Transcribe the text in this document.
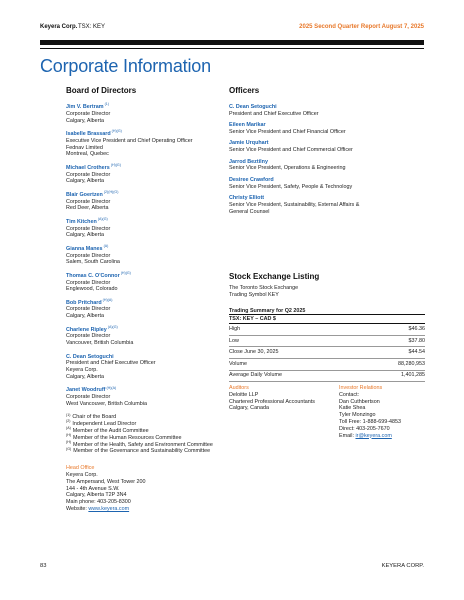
Keyera Corp. TSX: KEY	2025 Second Quarter Report August 7, 2025
Corporate Information
Board of Directors
Jim V. Bertram$^{(1)}$
Corporate Director
Calgary, Alberta
Isabelle Brassard$^{(H)(G)}$
Executive Vice President and Chief Operating Officer
Fednav Limited
Montreal, Quebec
Michael Crothers$^{(H)(G)}$
Corporate Director
Calgary, Alberta
Blair Goertzen$^{(2)(H)(G)}$
Corporate Director
Red Deer, Alberta
Tim Kitchen$^{(A)(G)}$
Corporate Director
Calgary, Alberta
Gianna Manes$^{(A)}$
Corporate Director
Salem, South Carolina
Thomas C. O'Connor$^{(H)(G)}$
Corporate Director
Englewood, Colorado
Bob Pritchard$^{(H)(A)}$
Corporate Director
Calgary, Alberta
Charlene Ripley$^{(A)(G)}$
Corporate Director
Vancouver, British Columbia
C. Dean Setoguchi
President and Chief Executive Officer
Keyera Corp.
Calgary, Alberta
Janet Woodruff$^{(H)(A)}$
Corporate Director
West Vancouver, British Columbia
$^{(1)}$ Chair of the Board
$^{(2)}$ Independent Lead Director
$^{(A)}$ Member of the Audit Committee
$^{(H)}$ Member of the Human Resources Committee
$^{(H)}$ Member of the Health, Safety and Environment Committee
$^{(G)}$ Member of the Governance and Sustainability Committee
Head Office
Keyera Corp.
The Ampersand, West Tower 200
144 - 4th Avenue S.W.
Calgary, Alberta T2P 3N4
Main phone: 403-205-8300
Website: www.keyera.com
Officers
C. Dean Setoguchi
President and Chief Executive Officer
Eileen Marikar
Senior Vice President and Chief Financial Officer
Jamie Urquhart
Senior Vice President and Chief Commercial Officer
Jarrod Beztilny
Senior Vice President, Operations & Engineering
Desiree Crawford
Senior Vice President, Safety, People & Technology
Christy Elliott
Senior Vice President, Sustainability, External Affairs &
General Counsel
Stock Exchange Listing
The Toronto Stock Exchange
Trading Symbol KEY
Trading Summary for Q2 2025
TSX: KEY – CAD $
High	$46.36
Low	$37.80
Close June 30, 2025	$44.54
Volume	88,280,953
Average Daily Volume	1,401,285
Auditors
Deloitte LLP
Chartered Professional Accountants
Calgary, Canada
Investor Relations
Contact:
Dan Cuthbertson
Katie Shea
Tyler Monzingo
Toll Free: 1-888-699-4853
Direct: 403-205-7670
Email: ir@keyera.com
83	KEYERA CORP.
